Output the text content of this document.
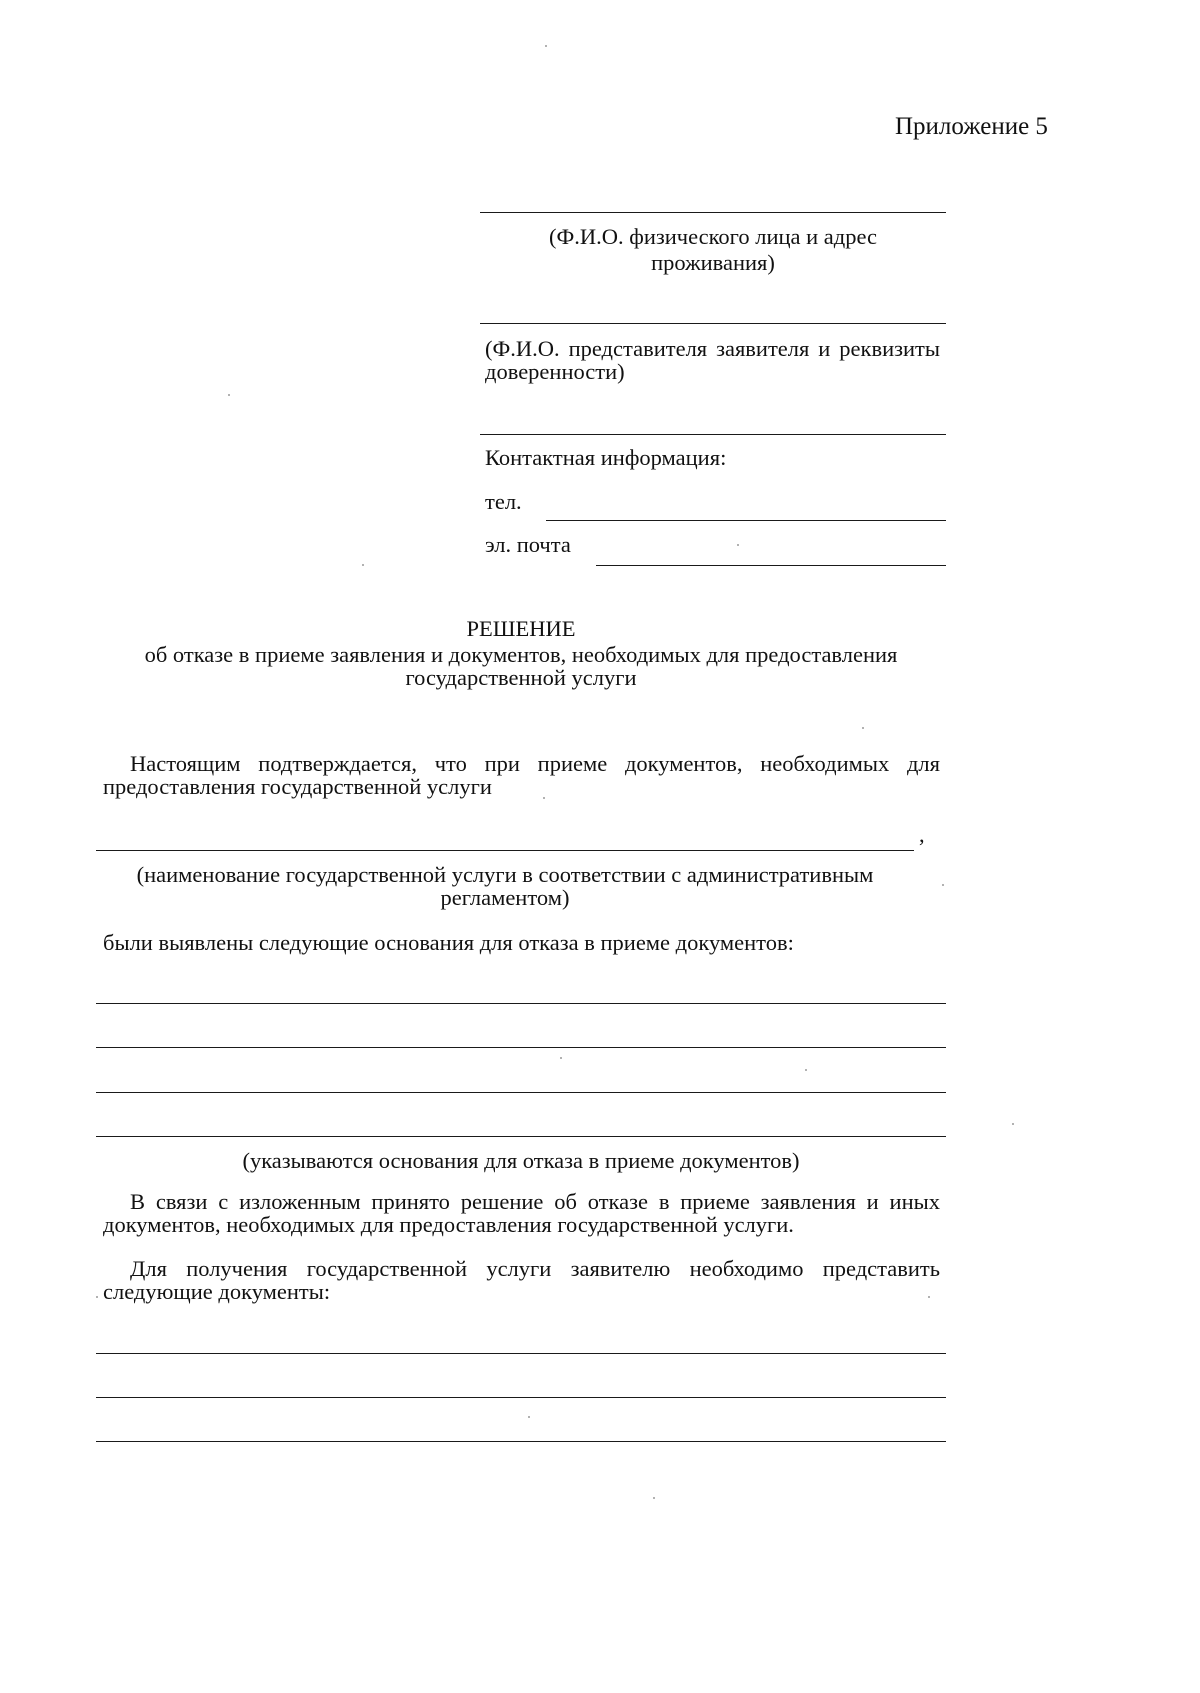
Приложение 5
(Ф.И.О. физического лица и адрес
проживания)
(Ф.И.О. представителя заявителя и реквизиты
доверенности)
Контактная информация:
тел.
эл. почта
РЕШЕНИЕ
об отказе в приеме заявления и документов, необходимых для предоставления
государственной услуги
Настоящим подтверждается, что при приеме документов, необходимых для
предоставления государственной услуги
,
(наименование государственной услуги в соответствии с административным
регламентом)
были выявлены следующие основания для отказа в приеме документов:
(указываются основания для отказа в приеме документов)
В связи с изложенным принято решение об отказе в приеме заявления и иных
документов, необходимых для предоставления государственной услуги.
Для получения государственной услуги заявителю необходимо представить
следующие документы:
